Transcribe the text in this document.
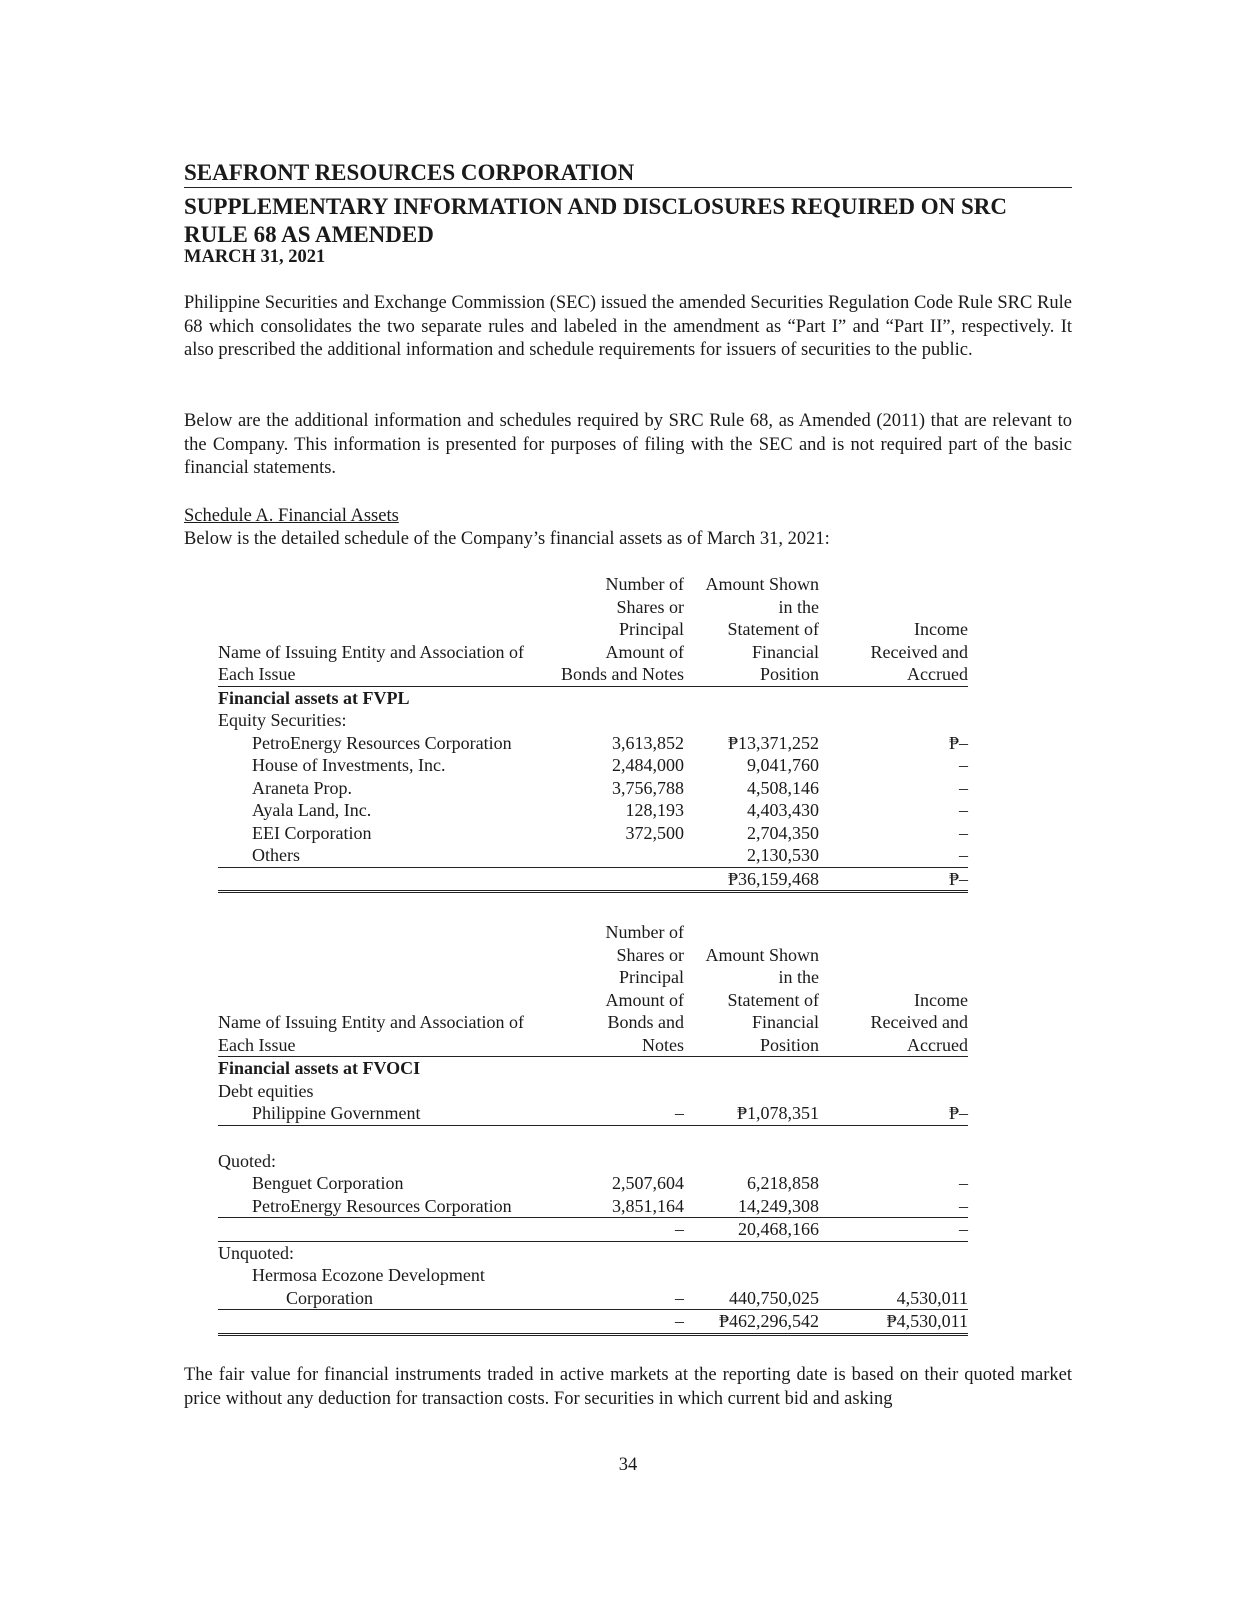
SEAFRONT RESOURCES CORPORATION
SUPPLEMENTARY INFORMATION AND DISCLOSURES REQUIRED ON SRC RULE 68 AS AMENDED
MARCH 31, 2021
Philippine Securities and Exchange Commission (SEC) issued the amended Securities Regulation Code Rule SRC Rule 68 which consolidates the two separate rules and labeled in the amendment as “Part I” and “Part II”, respectively. It also prescribed the additional information and schedule requirements for issuers of securities to the public.
Below are the additional information and schedules required by SRC Rule 68, as Amended (2011) that are relevant to the Company. This information is presented for purposes of filing with the SEC and is not required part of the basic financial statements.
Schedule A. Financial Assets
Below is the detailed schedule of the Company’s financial assets as of March 31, 2021:
	Number of	Amount Shown	
	Shares or	in the	
	Principal	Statement of	Income
Name of Issuing Entity and Association of	Amount of	Financial	Received and
Each Issue	Bonds and Notes	Position	Accrued
Financial assets at FVPL			
Equity Securities:			
PetroEnergy Resources Corporation	3,613,852	₱13,371,252	₱–
House of Investments, Inc.	2,484,000	9,041,760	–
Araneta Prop.	3,756,788	4,508,146	–
Ayala Land, Inc.	128,193	4,403,430	–
EEI Corporation	372,500	2,704,350	–
Others		2,130,530	–
		₱36,159,468	₱–
	Number of		
	Shares or	Amount Shown	
	Principal	in the	
	Amount of	Statement of	Income
Name of Issuing Entity and Association of	Bonds and	Financial	Received and
Each Issue	Notes	Position	Accrued
Financial assets at FVOCI			
Debt equities			
Philippine Government	–	₱1,078,351	₱–

Quoted:			
Benguet Corporation	2,507,604	6,218,858	–
PetroEnergy Resources Corporation	3,851,164	14,249,308	–
	–	20,468,166	–
Unquoted:			
Hermosa Ecozone Development			
Corporation	–	440,750,025	4,530,011
	–	₱462,296,542	₱4,530,011
The fair value for financial instruments traded in active markets at the reporting date is based on their quoted market price without any deduction for transaction costs. For securities in which current bid and asking
34
